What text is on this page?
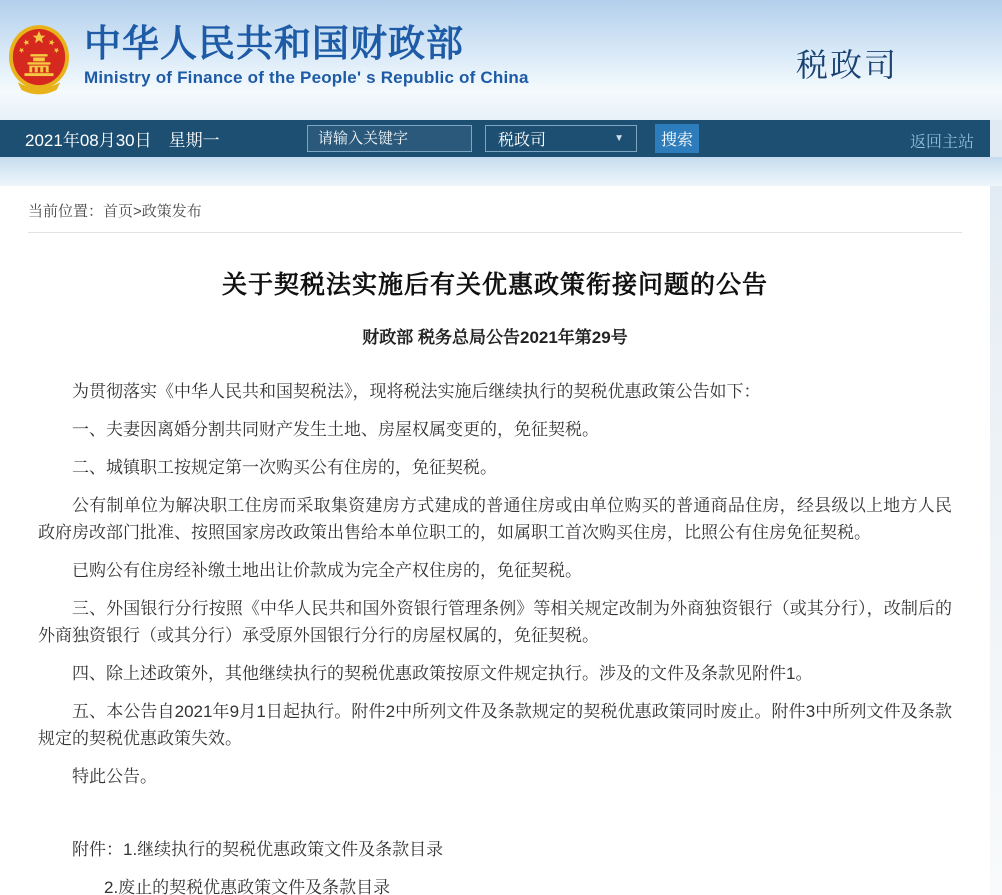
中华人民共和国财政部
Ministry of Finance of the People' s Republic of China	税政司
2021年08月30日　星期一
请输入关键字	税政司	▼	搜索	返回主站
当前位置：首页>政策发布
关于契税法实施后有关优惠政策衔接问题的公告
财政部 税务总局公告2021年第29号

为贯彻落实《中华人民共和国契税法》，现将税法实施后继续执行的契税优惠政策公告如下：

一、夫妻因离婚分割共同财产发生土地、房屋权属变更的，免征契税。

二、城镇职工按规定第一次购买公有住房的，免征契税。

公有制单位为解决职工住房而采取集资建房方式建成的普通住房或由单位购买的普通商品住房，经县级以上地方人民政府房改部门批准、按照国家房改政策出售给本单位职工的，如属职工首次购买住房，比照公有住房免征契税。

已购公有住房经补缴土地出让价款成为完全产权住房的，免征契税。

三、外国银行分行按照《中华人民共和国外资银行管理条例》等相关规定改制为外商独资银行（或其分行），改制后的外商独资银行（或其分行）承受原外国银行分行的房屋权属的，免征契税。

四、除上述政策外，其他继续执行的契税优惠政策按原文件规定执行。涉及的文件及条款见附件1。

五、本公告自2021年9月1日起执行。附件2中所列文件及条款规定的契税优惠政策同时废止。附件3中所列文件及条款规定的契税优惠政策失效。

特此公告。

附件：1.继续执行的契税优惠政策文件及条款目录

2.废止的契税优惠政策文件及条款目录
